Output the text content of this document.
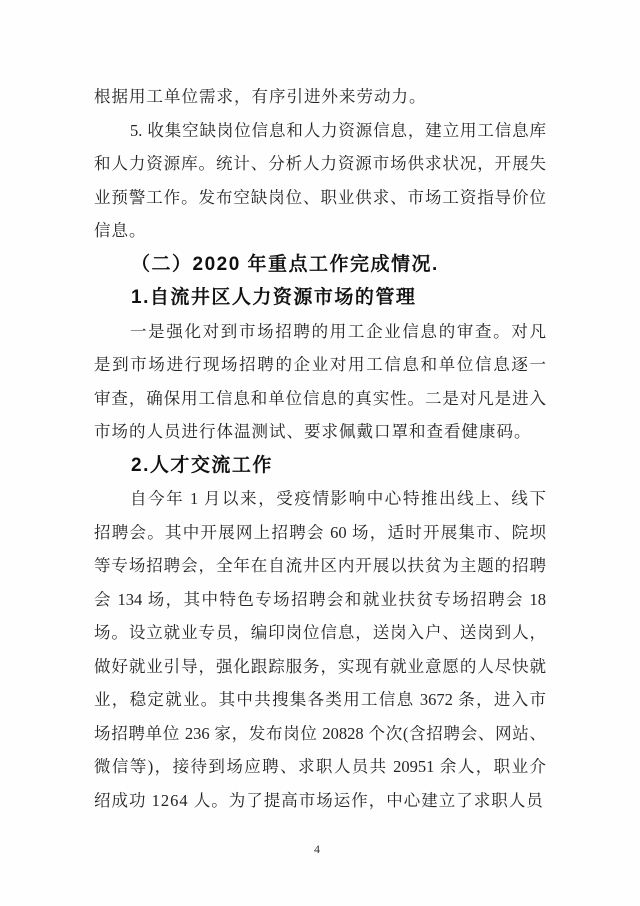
根据用工单位需求，有序引进外来劳动力。
5. 收集空缺岗位信息和人力资源信息，建立用工信息库
和人力资源库。统计、分析人力资源市场供求状况，开展失
业预警工作。发布空缺岗位、职业供求、市场工资指导价位
信息。
（二）2020 年重点工作完成情况.
1.自流井区人力资源市场的管理
一是强化对到市场招聘的用工企业信息的审查。对凡
是到市场进行现场招聘的企业对用工信息和单位信息逐一
审查，确保用工信息和单位信息的真实性。二是对凡是进入
市场的人员进行体温测试、要求佩戴口罩和查看健康码。
2.人才交流工作
自今年 1 月以来，受疫情影响中心特推出线上、线下
招聘会。其中开展网上招聘会 60 场，适时开展集市、院坝
等专场招聘会，全年在自流井区内开展以扶贫为主题的招聘
会 134 场，其中特色专场招聘会和就业扶贫专场招聘会 18
场。设立就业专员，编印岗位信息，送岗入户、送岗到人，
做好就业引导，强化跟踪服务，实现有就业意愿的人尽快就
业，稳定就业。其中共搜集各类用工信息 3672 条，进入市
场招聘单位 236 家，发布岗位 20828 个次(含招聘会、网站、
微信等)，接待到场应聘、求职人员共 20951 余人，职业介
绍成功 1264 人。为了提高市场运作，中心建立了求职人员
4
